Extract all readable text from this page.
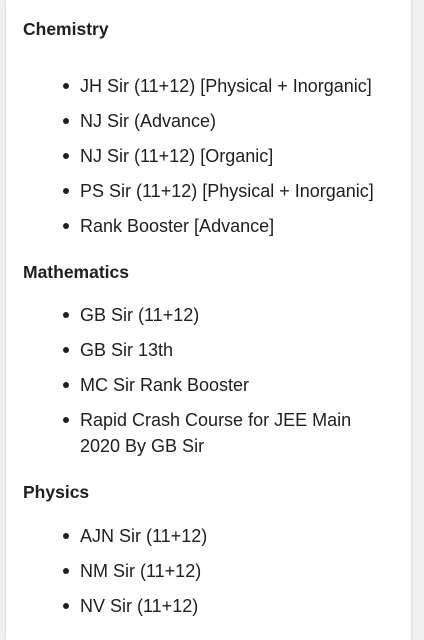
Chemistry
JH Sir (11+12) [Physical + Inorganic]
NJ Sir (Advance)
NJ Sir (11+12) [Organic]
PS Sir (11+12) [Physical + Inorganic]
Rank Booster [Advance]
Mathematics
GB Sir (11+12)
GB Sir 13th
MC Sir Rank Booster
Rapid Crash Course for JEE Main 2020 By GB Sir
Physics
AJN Sir (11+12)
NM Sir (11+12)
NV Sir (11+12)
